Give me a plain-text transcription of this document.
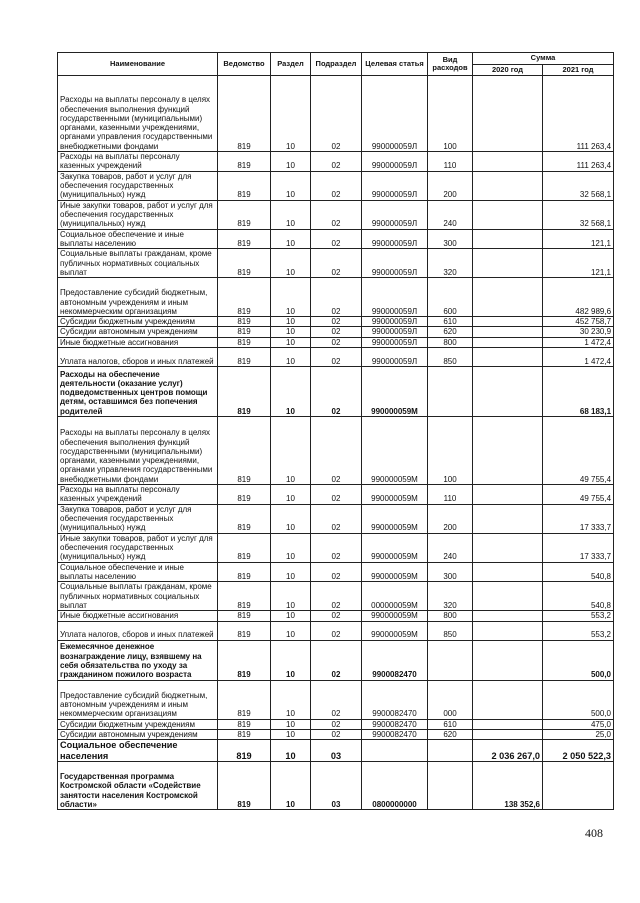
Наименование	Ведомство	Раздел	Подраздел	Целевая статья	Вид расходов	Сумма	
						2020 год	2021 год
Расходы на выплаты персоналу в целях обеспечения выполнения функций государственными (муниципальными) органами, казенными учреждениями, органами управления государственными внебюджетными фондами	819	10	02	990000059Л	100		111 263,4
Расходы на выплаты персоналу казенных учреждений	819	10	02	990000059Л	110		111 263,4
Закупка товаров, работ и услуг для обеспечения государственных (муниципальных) нужд	819	10	02	990000059Л	200		32 568,1
Иные закупки товаров, работ и услуг для обеспечения государственных (муниципальных) нужд	819	10	02	990000059Л	240		32 568,1
Социальное обеспечение и иные выплаты населению	819	10	02	990000059Л	300		121,1
Социальные выплаты гражданам, кроме публичных нормативных социальных выплат	819	10	02	990000059Л	320		121,1
Предоставление субсидий бюджетным, автономным учреждениям и иным некоммерческим организациям	819	10	02	990000059Л	600		482 989,6
Субсидии бюджетным учреждениям	819	10	02	990000059Л	610		452 758,7
Субсидии автономным учреждениям	819	10	02	990000059Л	620		30 230,9
Иные бюджетные ассигнования	819	10	02	990000059Л	800		1 472,4
Уплата налогов, сборов и иных платежей	819	10	02	990000059Л	850		1 472,4
Расходы на обеспечение деятельности (оказание услуг) подведомственных центров помощи детям, оставшимся без попечения родителей	819	10	02	990000059М			68 183,1
Расходы на выплаты персоналу в целях обеспечения выполнения функций государственными (муниципальными) органами, казенными учреждениями, органами управления государственными внебюджетными фондами	819	10	02	990000059М	100		49 755,4
Расходы на выплаты персоналу казенных учреждений	819	10	02	990000059М	110		49 755,4
Закупка товаров, работ и услуг для обеспечения государственных (муниципальных) нужд	819	10	02	990000059М	200		17 333,7
Иные закупки товаров, работ и услуг для обеспечения государственных (муниципальных) нужд	819	10	02	990000059М	240		17 333,7
Социальное обеспечение и иные выплаты населению	819	10	02	990000059М	300		540,8
Социальные выплаты гражданам, кроме публичных нормативных социальных выплат	819	10	02	000000059М	320		540,8
Иные бюджетные ассигнования	819	10	02	990000059М	800		553,2
Уплата налогов, сборов и иных платежей	819	10	02	990000059М	850		553,2
Ежемесячное денежное вознаграждение лицу, взявшему на себя обязательства по уходу за гражданином пожилого возраста	819	10	02	9900082470			500,0
Предоставление субсидий бюджетным, автономным учреждениям и иным некоммерческим организациям	819	10	02	9900082470	000		500,0
Субсидии бюджетным учреждениям	819	10	02	9900082470	610		475,0
Субсидии автономным учреждениям	819	10	02	9900082470	620		25,0
Социальное обеспечение населения	819	10	03			2 036 267,0	2 050 522,3
Государственная программа Костромской области «Содействие занятости населения Костромской области»	819	10	03	0800000000		138 352,6	
408
